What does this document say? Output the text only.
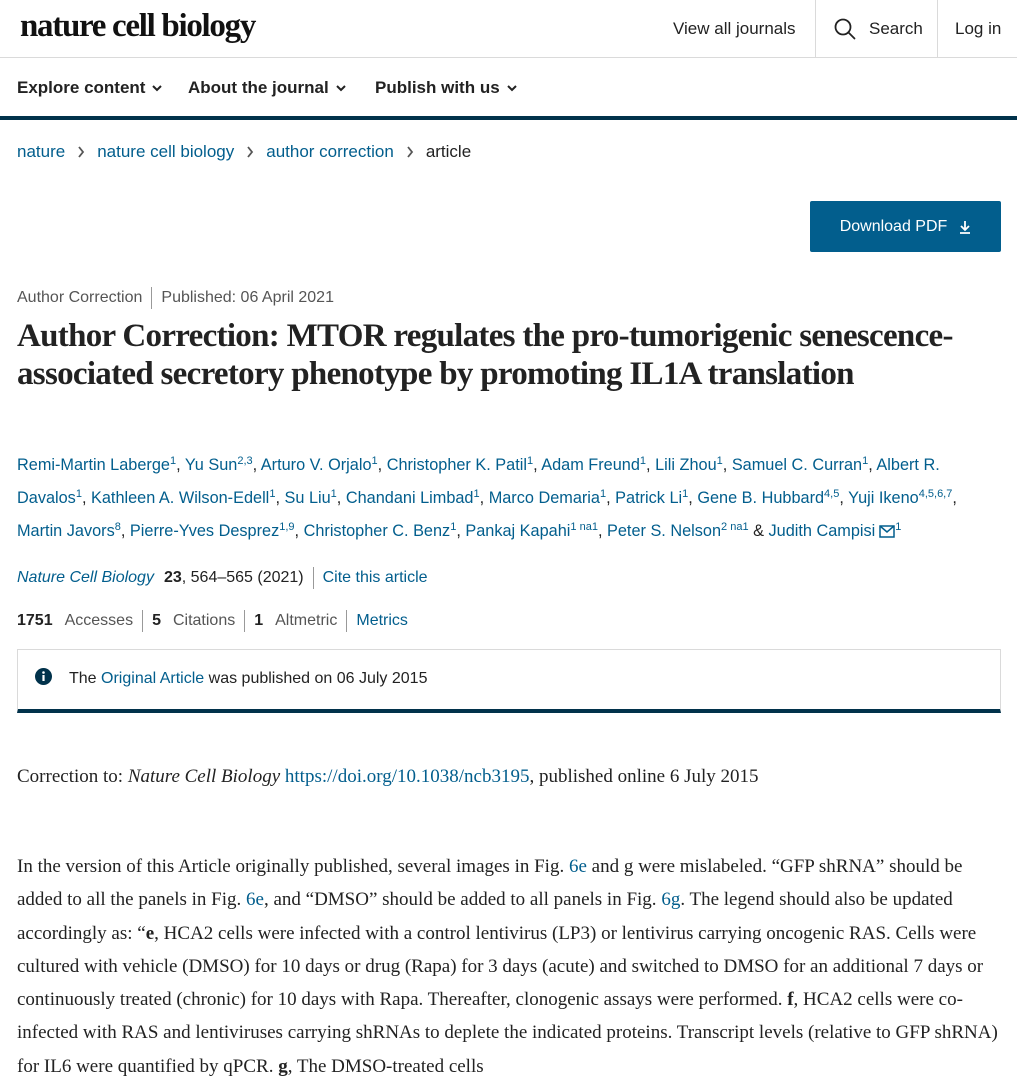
nature cell biology	View all journals	Search Log in
Explore content	About the journal	Publish with us
nature nature cell biology author correction article
Download PDF
Author Correction Published: 06 April 2021
Author Correction: MTOR regulates the pro-tumorigenic senescence-associated secretory phenotype by promoting IL1A translation
Remi-Martin Laberge$^1$, Yu Sun$^{2,3}$, Arturo V. Orjalo$^1$, Christopher K. Patil$^1$, Adam Freund$^1$, Lili Zhou$^1$, Samuel C. Curran$^1$, Albert R. Davalos$^1$, Kathleen A. Wilson-Edell$^1$, Su Liu$^1$, Chandani Limbad$^1$, Marco Demaria$^1$, Patrick Li$^1$, Gene B. Hubbard$^{4,5}$, Yuji Ikeno$^{4,5,6,7}$, Martin Javors$^8$, Pierre-Yves Desprez$^{1,9}$, Christopher C. Benz$^1$, Pankaj Kapahi$^{1 na1}$, Peter S. Nelson$^{2 na1}$ & Judith Campisi $^1$
Nature Cell Biology 23 , 564–565 (2021) Cite this article
1751 Accesses 5 Citations 1 Altmetric Metrics
The Original Article was published on 06 July 2015
Correction to: Nature Cell Biology https://doi.org/10.1038/ncb3195, published online 6 July 2015
In the version of this Article originally published, several images in Fig. 6e and g were mislabeled. “GFP shRNA” should be added to all the panels in Fig. 6e, and “DMSO” should be added to all panels in Fig. 6g. The legend should also be updated accordingly as: “e, HCA2 cells were infected with a control lentivirus (LP3) or lentivirus carrying oncogenic RAS. Cells were cultured with vehicle (DMSO) for 10 days or drug (Rapa) for 3 days (acute) and switched to DMSO for an additional 7 days or continuously treated (chronic) for 10 days with Rapa. Thereafter, clonogenic assays were performed. f, HCA2 cells were co-infected with RAS and lentiviruses carrying shRNAs to deplete the indicated proteins. Transcript levels (relative to GFP shRNA) for IL6 were quantified by qPCR. g, The DMSO-treated cells
